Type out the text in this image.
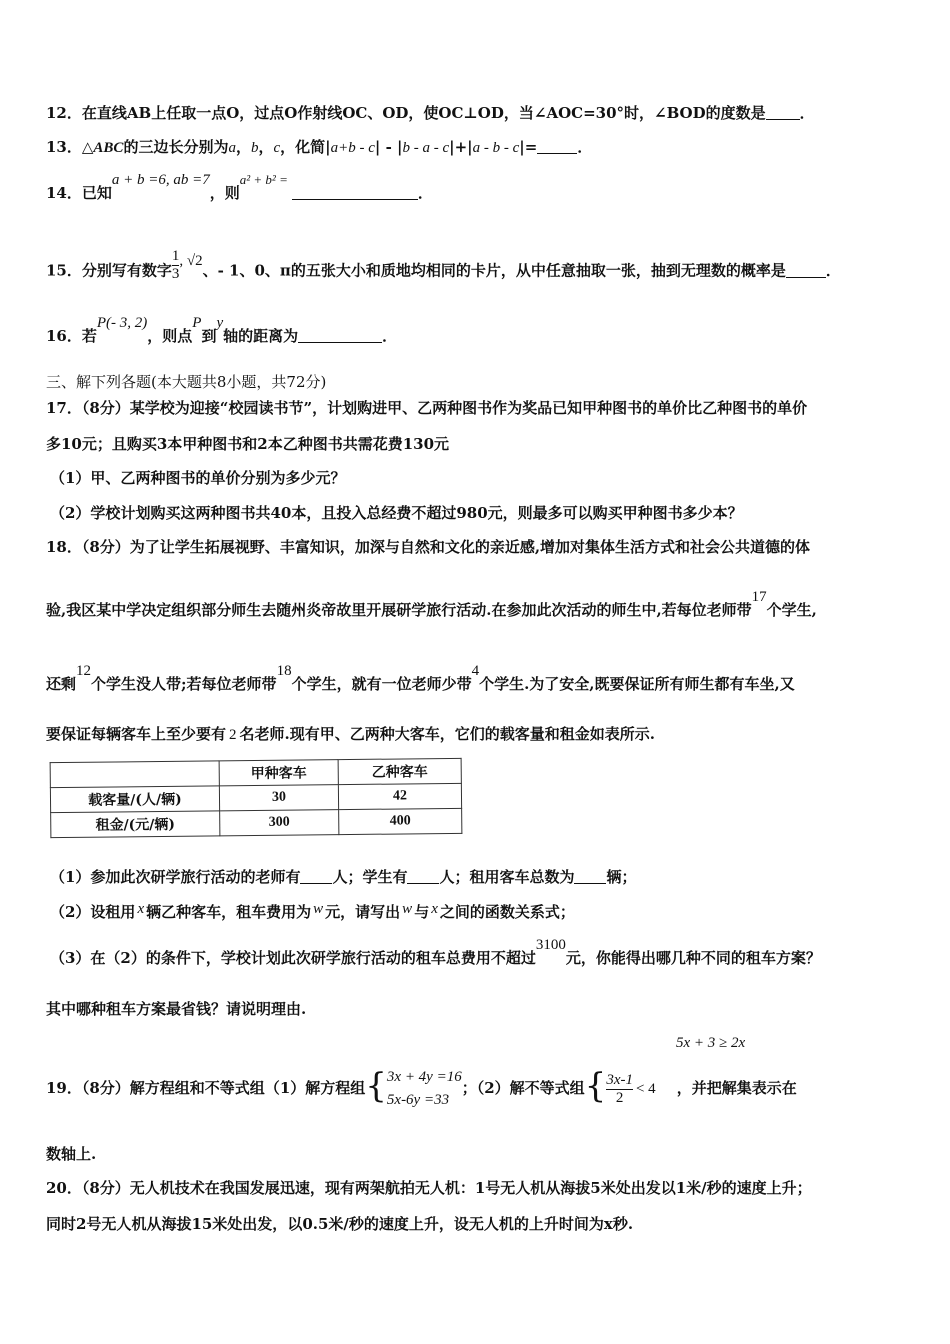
12．在直线AB上任取一点O，过点O作射线OC、OD，使OC⊥OD，当∠AOC=30°时，∠BOD的度数是 ．
13．△ABC的三边长分别为a，b，c，化简|a+b - c| - |b - a - c|+|a - b - c|=	．
14．已知a + b =6, ab =7，则a² + b² =．
15．分别写有数字 $\frac{1}{3}$ , √2、- 1、0、π的五张大小和质地均相同的卡片，从中任意抽取一张，抽到无理数的概率是	．
16．若P(- 3, 2)，则点P到y轴的距离为	．
三、解下列各题(本大题共8小题，共72分)
17．（8分）某学校为迎接“校园读书节”，计划购进甲、乙两种图书作为奖品已知甲种图书的单价比乙种图书的单价
多10元；且购买3本甲种图书和2本乙种图书共需花费130元
（1）甲、乙两种图书的单价分别为多少元？
（2）学校计划购买这两种图书共40本，且投入总经费不超过980元，则最多可以购买甲种图书多少本？
18．（8分）为了让学生拓展视野、丰富知识，加深与自然和文化的亲近感,增加对集体生活方式和社会公共道德的体
验,我区某中学决定组织部分师生去随州炎帝故里开展研学旅行活动.在参加此次活动的师生中,若每位老师带17个学生,
还剩12个学生没人带;若每位老师带18个学生，就有一位老师少带4个学生.为了安全,既要保证所有师生都有车坐,又
要保证每辆客车上至少要有 2 名老师.现有甲、乙两种大客车，它们的载客量和租金如表所示.
	甲种客车	乙种客车
载客量/(人/辆)	30	42
租金/(元/辆)	300	400
（1）参加此次研学旅行活动的老师有 人；学生有 人；租用客车总数为 辆；
（2）设租用 x 辆乙种客车，租车费用为 w 元，请写出 w 与 x 之间的函数关系式；
（3）在（2）的条件下，学校计划此次研学旅行活动的租车总费用不超过3100元，你能得出哪几种不同的租车方案？
其中哪种租车方案最省钱？请说明理由.
19．（8分）解方程组和不等式组（1）解方程组{ 3x + 4y =16
5x-6y =33
；（2）解不等式组{ $\frac{3x-1}{2} < 4$ ，并把解集表示在
5x + 3 ≥ 2x
数轴上.
20．（8分）无人机技术在我国发展迅速，现有两架航拍无人机：1号无人机从海拔5米处出发以1米/秒的速度上升；
同时2号无人机从海拔15米处出发，以0.5米/秒的速度上升，设无人机的上升时间为x秒.
